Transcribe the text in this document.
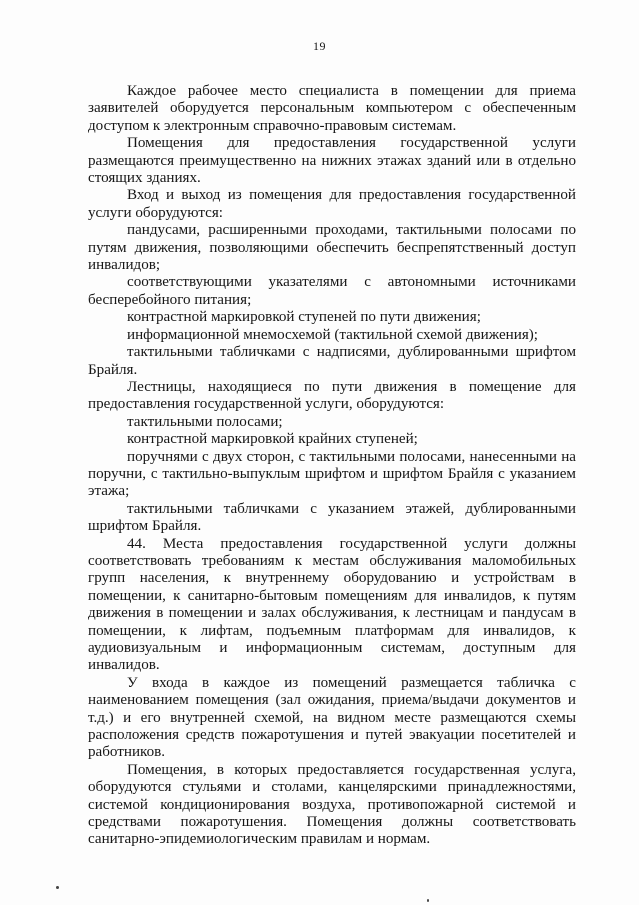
19

Каждое рабочее место специалиста в помещении для приема заявителей оборудуется персональным компьютером с обеспеченным доступом к электронным справочно-правовым системам.

Помещения для предоставления государственной услуги размещаются преимущественно на нижних этажах зданий или в отдельно стоящих зданиях.

Вход и выход из помещения для предоставления государственной услуги оборудуются:

пандусами, расширенными проходами, тактильными полосами по путям движения, позволяющими обеспечить беспрепятственный доступ инвалидов;

соответствующими указателями с автономными источниками бесперебойного питания;

контрастной маркировкой ступеней по пути движения;

информационной мнемосхемой (тактильной схемой движения);

тактильными табличками с надписями, дублированными шрифтом Брайля.

Лестницы, находящиеся по пути движения в помещение для предоставления государственной услуги, оборудуются:

тактильными полосами;

контрастной маркировкой крайних ступеней;

поручнями с двух сторон, с тактильными полосами, нанесенными на поручни, с тактильно-выпуклым шрифтом и шрифтом Брайля с указанием этажа;

тактильными табличками с указанием этажей, дублированными шрифтом Брайля.

44. Места предоставления государственной услуги должны соответствовать требованиям к местам обслуживания маломобильных групп населения, к внутреннему оборудованию и устройствам в помещении, к санитарно-бытовым помещениям для инвалидов, к путям движения в помещении и залах обслуживания, к лестницам и пандусам в помещении, к лифтам, подъемным платформам для инвалидов, к аудиовизуальным и информационным системам, доступным для инвалидов.

У входа в каждое из помещений размещается табличка с наименованием помещения (зал ожидания, приема/выдачи документов и т.д.) и его внутренней схемой, на видном месте размещаются схемы расположения средств пожаротушения и путей эвакуации посетителей и работников.

Помещения, в которых предоставляется государственная услуга, оборудуются стульями и столами, канцелярскими принадлежностями, системой кондиционирования воздуха, противопожарной системой и средствами пожаротушения. Помещения должны соответствовать санитарно-эпидемиологическим правилам и нормам.
